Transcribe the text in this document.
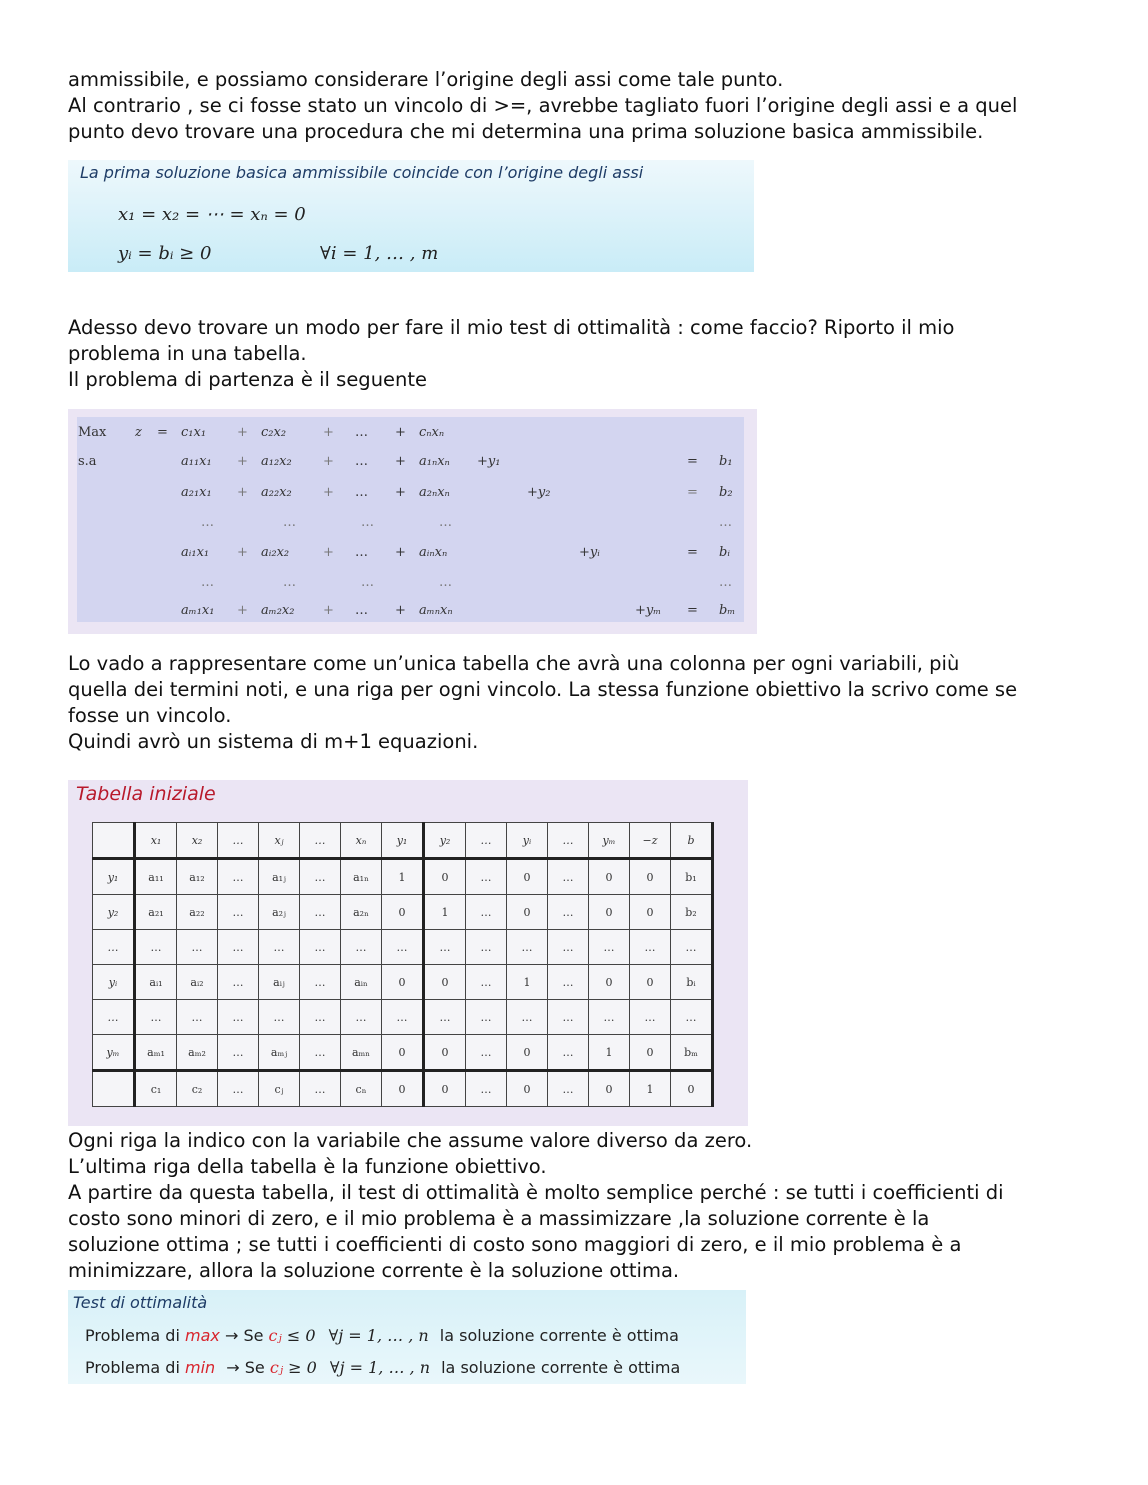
ammissibile, e possiamo considerare l’origine degli assi come tale punto.
Al contrario , se ci fosse stato un vincolo di >=, avrebbe tagliato fuori l’origine degli assi e a quel
punto devo trovare una procedura che mi determina una prima soluzione basica ammissibile.
La prima soluzione basica ammissibile coincide con l’origine degli assi
x₁ = x₂ = ⋯ = xₙ = 0
yᵢ = bᵢ ≥ 0	∀i = 1, … , m
Adesso devo trovare un modo per fare il mio test di ottimalità : come faccio? Riporto il mio
problema in una tabella.
Il problema di partenza è il seguente
Max z = c₁x₁ + c₂x₂	+ … + cₙxₙ
s.a	a₁₁x₁ + a₁₂x₂ + … + a₁ₙxₙ +y₁	= b₁
a₂₁x₁ + a₂₂x₂ + … + a₂ₙxₙ	+y₂	= b₂
…	…	…	…	…
aᵢ₁x₁ + aᵢ₂x₂	+ … + aᵢₙxₙ	+yᵢ	= bᵢ
…	…	…	…	…
aₘ₁x₁ + aₘ₂x₂ + … + aₘₙxₙ	+yₘ = bₘ
Lo vado a rappresentare come un’unica tabella che avrà una colonna per ogni variabili, più
quella dei termini noti, e una riga per ogni vincolo. La stessa funzione obiettivo la scrivo come se
fosse un vincolo.
Quindi avrò un sistema di m+1 equazioni.
Tabella iniziale
	x₁	x₂	…	xⱼ	…	xₙ	y₁	y₂	…	yᵢ	…	yₘ	−z	b
y₁	a₁₁	a₁₂	…	a₁ⱼ	…	a₁ₙ	1	0	…	0	…	0	0	b₁
y₂	a₂₁	a₂₂	…	a₂ⱼ	…	a₂ₙ	0	1	…	0	…	0	0	b₂
…	…	…	…	…	…	…	…	…	…	…	…	…	…	…
yᵢ	aᵢ₁	aᵢ₂	…	aᵢⱼ	…	aᵢₙ	0	0	…	1	…	0	0	bᵢ
…	…	…	…	…	…	…	…	…	…	…	…	…	…	…
yₘ	aₘ₁	aₘ₂	…	aₘⱼ	…	aₘₙ	0	0	…	0	…	1	0	bₘ
	c₁	c₂	…	cⱼ	…	cₙ	0	0	…	0	…	0	1	0
Ogni riga la indico con la variabile che assume valore diverso da zero.
L’ultima riga della tabella è la funzione obiettivo.
A partire da questa tabella, il test di ottimalità è molto semplice perché : se tutti i coefficienti di
costo sono minori di zero, e il mio problema è a massimizzare ,la soluzione corrente è la
soluzione ottima ; se tutti i coefficienti di costo sono maggiori di zero, e il mio problema è a
minimizzare, allora la soluzione corrente è la soluzione ottima.
Test di ottimalità
Problema di max → Se cⱼ ≤ 0 ∀j = 1, … , n la soluzione corrente è ottima
Problema di min → Se cⱼ ≥ 0 ∀j = 1, … , n la soluzione corrente è ottima
